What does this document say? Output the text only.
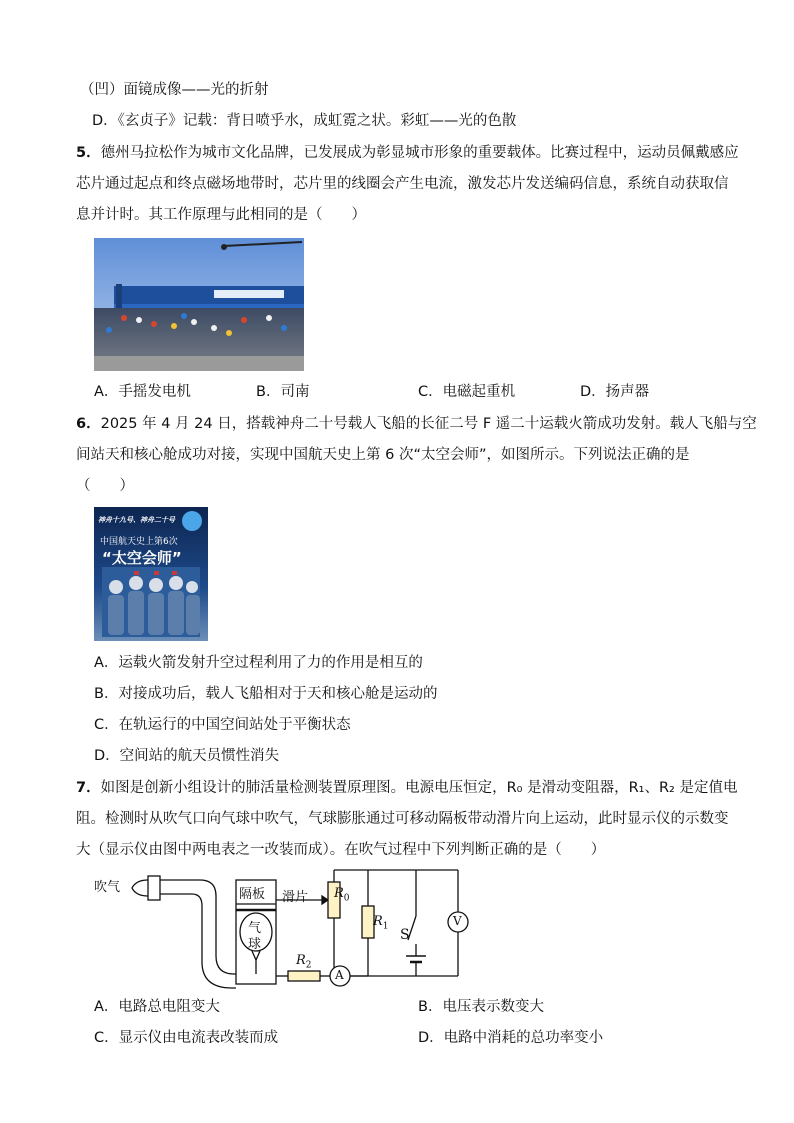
（凹）面镜成像——光的折射
D．《玄贞子》记载：背日喷乎水，成虹霓之状。彩虹——光的色散
5．德州马拉松作为城市文化品牌，已发展成为彰显城市形象的重要载体。比赛过程中，运动员佩戴感应
芯片通过起点和终点磁场地带时，芯片里的线圈会产生电流，激发芯片发送编码信息，系统自动获取信
息并计时。其工作原理与此相同的是（　　）
A．手摇发电机	B．司南	C．电磁起重机	D．扬声器
6．2025 年 4 月 24 日，搭载神舟二十号载人飞船的长征二号 F 遥二十运载火箭成功发射。载人飞船与空
间站天和核心舱成功对接，实现中国航天史上第 6 次“太空会师”，如图所示。下列说法正确的是
（　　）
神舟十九号、神舟二十号
中国航天史上第6次
“太空会师”
A．运载火箭发射升空过程利用了力的作用是相互的
B．对接成功后，载人飞船相对于天和核心舱是运动的
C．在轨运行的中国空间站处于平衡状态
D．空间站的航天员惯性消失
7．如图是创新小组设计的肺活量检测装置原理图。电源电压恒定，R₀ 是滑动变阻器，R₁、R₂ 是定值电
阻。检测时从吹气口向气球中吹气，气球膨胀通过可移动隔板带动滑片向上运动，此时显示仪的示数变
大（显示仪由图中两电表之一改装而成）。在吹气过程中下列判断正确的是（　　）
吹气	隔板
气
球
滑片 $R_0$
$R_1$
$R_2$
S
A
V
A．电路总电阻变大	B．电压表示数变大
C．显示仪由电流表改装而成	D．电路中消耗的总功率变小
